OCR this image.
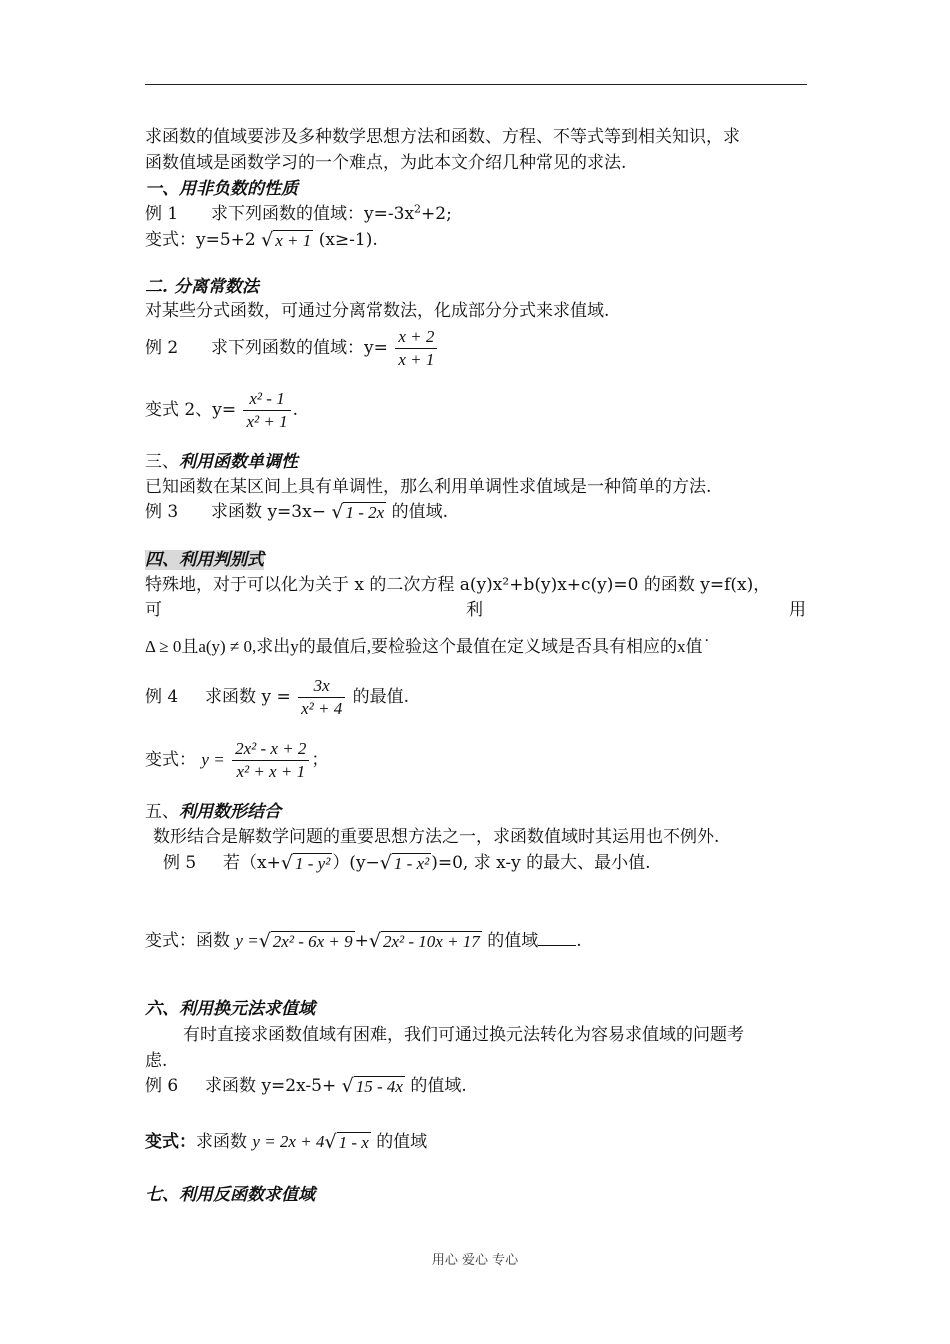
求函数的值域要涉及多种数学思想方法和函数、方程、不等式等到相关知识，求
函数值域是函数学习的一个难点，为此本文介绍几种常见的求法.
一、用非负数的性质
例 1 求下列函数的值域：$y=-3x^2+2$;
变式：y=5+2 √ x + 1 (x≥-1).
二. 分离常数法
对某些分式函数，可通过分离常数法，化成部分分式来求值域.
例 2 求下列函数的值域：$y= \frac{x + 2}{x + 1}$
变式 2、$y= \frac{\text{x² - 1}}{\text{x² + 1}}$ .
三、利用函数单调性
已知函数在某区间上具有单调性，那么利用单调性求值域是一种简单的方法.
例 3 求函数 y=3x− √ 1 - 2x 的值域.
四、利用判别式
特殊地，对于可以化为关于 x 的二次方程 a(y)x²+b(y)x+c(y)=0 的函数 y=f(x)，
可	利	用
Δ ≥ 0且a(y) ≠ 0,求出y的最值后,要检验这个最值在定义域是否具有相应的x值˙
例 4 求函数 $y = \frac{3x}{\text{x² + 4}}$ 的最值.
变式： $y = \frac{\text{2x² - x + 2}}{\text{x² + x + 1}}$ ；
五、利用数形结合
数形结合是解数学问题的重要思想方法之一，求函数值域时其运用也不例外.
例 5 若（x+√ 1 - y² ）(y−√ 1 - x² )=0, 求 x-y 的最大、最小值.
变式：函数 y =√ 2x² - 6x + 9 +√ 2x² - 10x + 17 的值域 .
六、利用换元法求值域
有时直接求函数值域有困难，我们可通过换元法转化为容易求值域的问题考
虑.
例 6 求函数 y=2x-5+ √ 15 - 4x 的值域.
变式：求函数 y = 2x + 4√ 1 - x 的值域
七、利用反函数求值域
用心 爱心 专心
